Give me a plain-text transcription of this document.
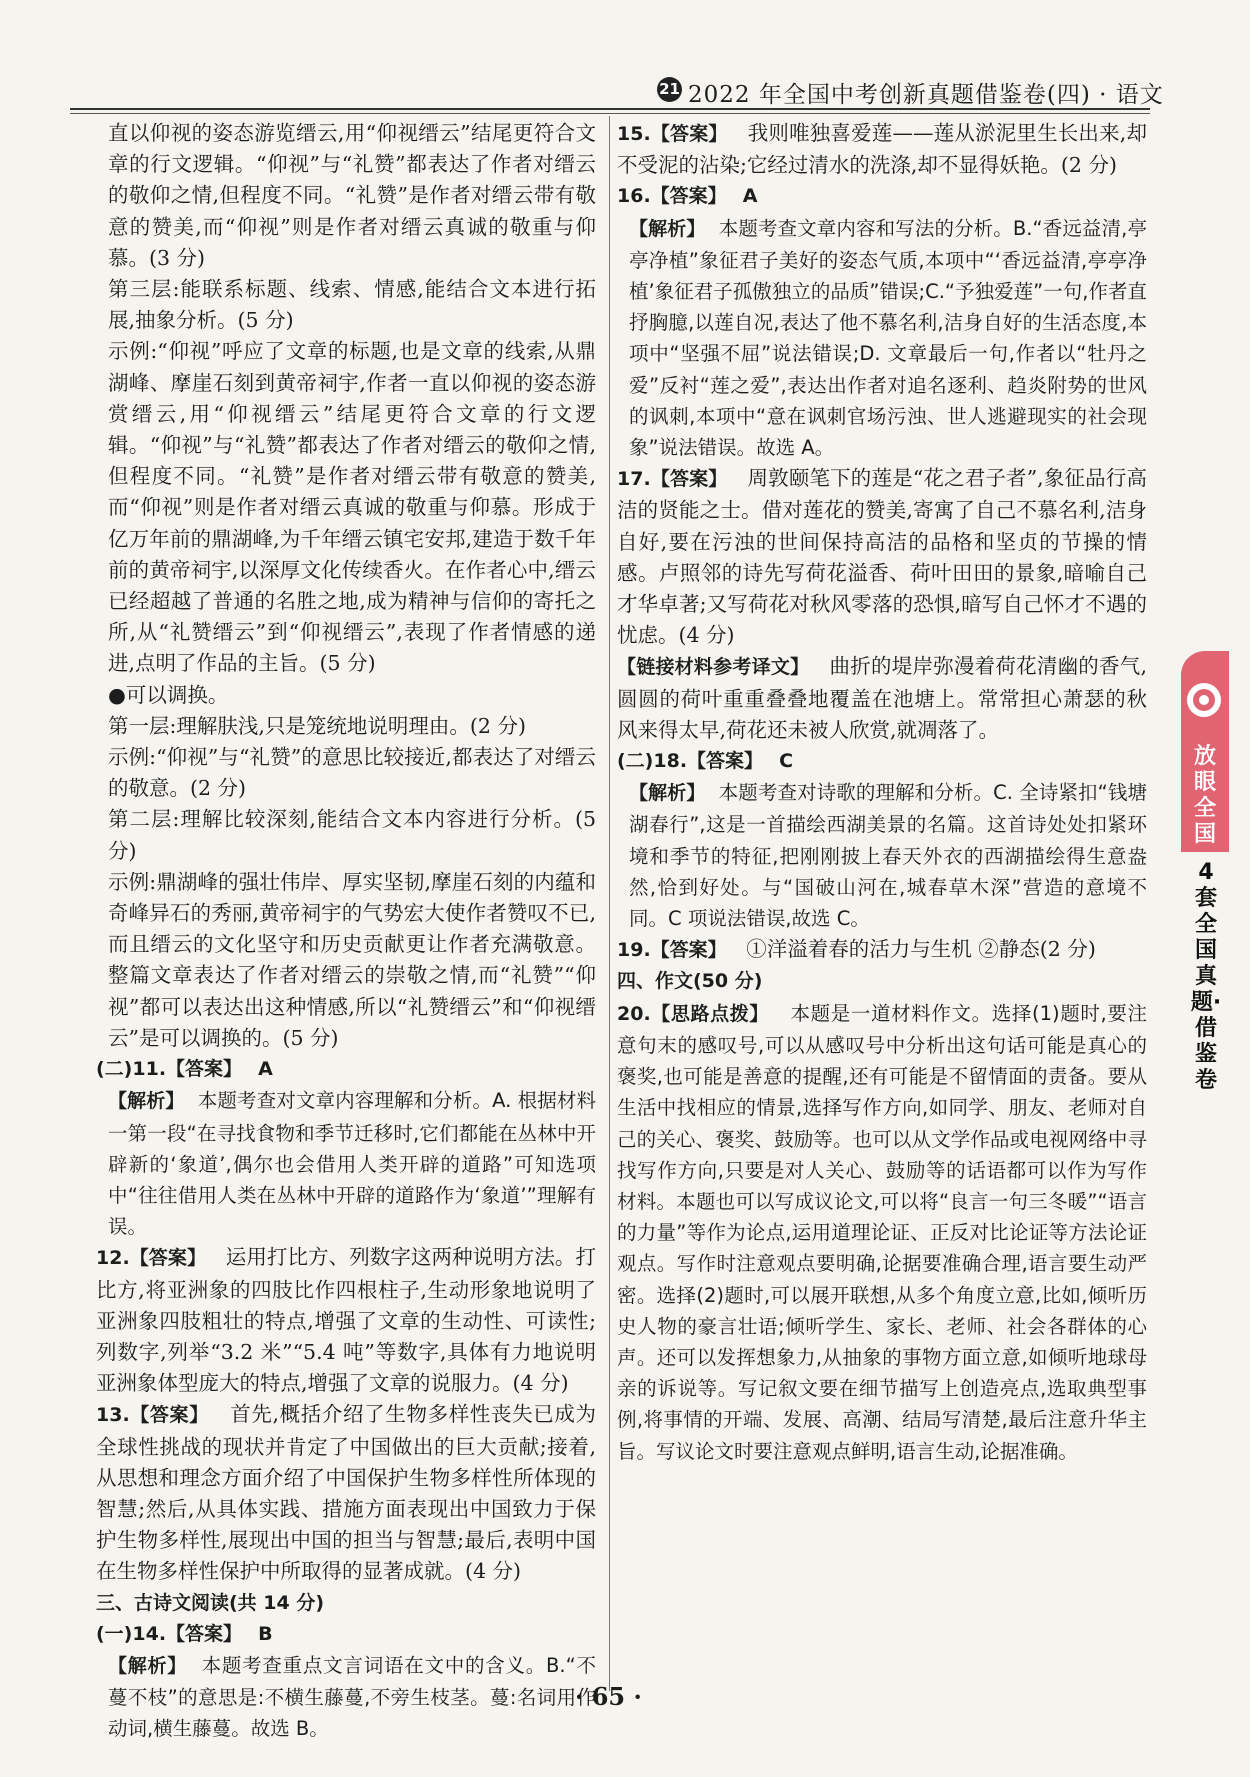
21 2022 年全国中考创新真题借鉴卷(四) · 语文

直以仰视的姿态游览缙云,用“仰视缙云”结尾更符合文章的行文逻辑。“仰视”与“礼赞”都表达了作者对缙云的敬仰之情,但程度不同。“礼赞”是作者对缙云带有敬意的赞美,而“仰视”则是作者对缙云真诚的敬重与仰慕。(3 分)

第三层:能联系标题、线索、情感,能结合文本进行拓展,抽象分析。(5 分)

示例:“仰视”呼应了文章的标题,也是文章的线索,从鼎湖峰、摩崖石刻到黄帝祠宇,作者一直以仰视的姿态游赏缙云,用“仰视缙云”结尾更符合文章的行文逻辑。“仰视”与“礼赞”都表达了作者对缙云的敬仰之情,但程度不同。“礼赞”是作者对缙云带有敬意的赞美,而“仰视”则是作者对缙云真诚的敬重与仰慕。形成于亿万年前的鼎湖峰,为千年缙云镇宅安邦,建造于数千年前的黄帝祠宇,以深厚文化传续香火。在作者心中,缙云已经超越了普通的名胜之地,成为精神与信仰的寄托之所,从“礼赞缙云”到“仰视缙云”,表现了作者情感的递进,点明了作品的主旨。(5 分)

●可以调换。

第一层:理解肤浅,只是笼统地说明理由。(2 分)

示例:“仰视”与“礼赞”的意思比较接近,都表达了对缙云的敬意。(2 分)

第二层:理解比较深刻,能结合文本内容进行分析。(5 分)

示例:鼎湖峰的强壮伟岸、厚实坚韧,摩崖石刻的内蕴和奇峰异石的秀丽,黄帝祠宇的气势宏大使作者赞叹不已,而且缙云的文化坚守和历史贡献更让作者充满敬意。整篇文章表达了作者对缙云的崇敬之情,而“礼赞”“仰视”都可以表达出这种情感,所以“礼赞缙云”和“仰视缙云”是可以调换的。(5 分)

(二)11.【答案】 A

【解析】 本题考查对文章内容理解和分析。A. 根据材料一第一段“在寻找食物和季节迁移时,它们都能在丛林中开辟新的‘象道’,偶尔也会借用人类开辟的道路”可知选项中“往往借用人类在丛林中开辟的道路作为‘象道’”理解有误。

12.【答案】 运用打比方、列数字这两种说明方法。打比方,将亚洲象的四肢比作四根柱子,生动形象地说明了亚洲象四肢粗壮的特点,增强了文章的生动性、可读性;列数字,列举“3.2 米”“5.4 吨”等数字,具体有力地说明亚洲象体型庞大的特点,增强了文章的说服力。(4 分)

13.【答案】 首先,概括介绍了生物多样性丧失已成为全球性挑战的现状并肯定了中国做出的巨大贡献;接着,从思想和理念方面介绍了中国保护生物多样性所体现的智慧;然后,从具体实践、措施方面表现出中国致力于保护生物多样性,展现出中国的担当与智慧;最后,表明中国在生物多样性保护中所取得的显著成就。(4 分)

三、古诗文阅读(共 14 分)

(一)14.【答案】 B

【解析】 本题考查重点文言词语在文中的含义。B.“不蔓不枝”的意思是:不横生藤蔓,不旁生枝茎。蔓:名词用作动词,横生藤蔓。故选 B。

15.【答案】 我则唯独喜爱莲——莲从淤泥里生长出来,却不受泥的沾染;它经过清水的洗涤,却不显得妖艳。(2 分)

16.【答案】 A

【解析】 本题考查文章内容和写法的分析。B.“香远益清,亭亭净植”象征君子美好的姿态气质,本项中“‘香远益清,亭亭净植’象征君子孤傲独立的品质”错误;C.“予独爱莲”一句,作者直抒胸臆,以莲自况,表达了他不慕名利,洁身自好的生活态度,本项中“坚强不屈”说法错误;D. 文章最后一句,作者以“牡丹之爱”反衬“莲之爱”,表达出作者对追名逐利、趋炎附势的世风的讽刺,本项中“意在讽刺官场污浊、世人逃避现实的社会现象”说法错误。故选 A。

17.【答案】 周敦颐笔下的莲是“花之君子者”,象征品行高洁的贤能之士。借对莲花的赞美,寄寓了自己不慕名利,洁身自好,要在污浊的世间保持高洁的品格和坚贞的节操的情感。卢照邻的诗先写荷花溢香、荷叶田田的景象,暗喻自己才华卓著;又写荷花对秋风零落的恐惧,暗写自己怀才不遇的忧虑。(4 分)

【链接材料参考译文】 曲折的堤岸弥漫着荷花清幽的香气,圆圆的荷叶重重叠叠地覆盖在池塘上。常常担心萧瑟的秋风来得太早,荷花还未被人欣赏,就凋落了。

(二)18.【答案】 C

【解析】 本题考查对诗歌的理解和分析。C. 全诗紧扣“钱塘湖春行”,这是一首描绘西湖美景的名篇。这首诗处处扣紧环境和季节的特征,把刚刚披上春天外衣的西湖描绘得生意盎然,恰到好处。与“国破山河在,城春草木深”营造的意境不同。C 项说法错误,故选 C。

19.【答案】 ①洋溢着春的活力与生机 ②静态(2 分)

四、作文(50 分)

20.【思路点拨】 本题是一道材料作文。选择(1)题时,要注意句末的感叹号,可以从感叹号中分析出这句话可能是真心的褒奖,也可能是善意的提醒,还有可能是不留情面的责备。要从生活中找相应的情景,选择写作方向,如同学、朋友、老师对自己的关心、褒奖、鼓励等。也可以从文学作品或电视网络中寻找写作方向,只要是对人关心、鼓励等的话语都可以作为写作材料。本题也可以写成议论文,可以将“良言一句三冬暖”“语言的力量”等作为论点,运用道理论证、正反对比论证等方法论证观点。写作时注意观点要明确,论据要准确合理,语言要生动严密。选择(2)题时,可以展开联想,从多个角度立意,比如,倾听历史人物的豪言壮语;倾听学生、家长、老师、社会各群体的心声。还可以发挥想象力,从抽象的事物方面立意,如倾听地球母亲的诉说等。写记叙文要在细节描写上创造亮点,选取典型事例,将事情的开端、发展、高潮、结局写清楚,最后注意升华主旨。写议论文时要注意观点鲜明,语言生动,论据准确。

放眼全国
4套全国真题·借鉴卷
· 65 ·
